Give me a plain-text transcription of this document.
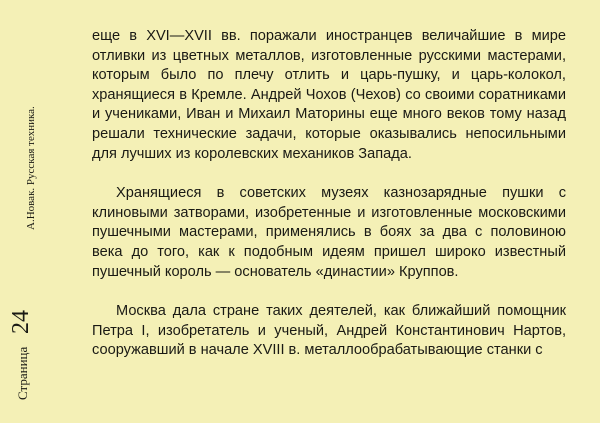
Страница
24
А.Новак. Русская техника.

еще в XVI—XVII вв. поражали иностранцев величайшие в мире отливки из цветных металлов, изготовленные русскими мастерами, которым было по плечу отлить и царь-пушку, и царь-колокол, хранящиеся в Кремле. Андрей Чохов (Чехов) со своими соратниками и учениками, Иван и Михаил Маторины еще много веков тому назад решали технические задачи, которые оказывались непосильными для лучших из королевских механиков Запада.

Хранящиеся в советских музеях казнозарядные пушки с клиновыми затворами, изобретенные и изготовленные московскими пушечными мастерами, применялись в боях за два с половиною века до того, как к подобным идеям пришел широко известный пушечный король — основатель «династии» Круппов.

Москва дала стране таких деятелей, как ближайший помощник Петра I, изобретатель и ученый, Андрей Константинович Нартов, сооружавший в начале XVIII в. металлообрабатывающие станки с
